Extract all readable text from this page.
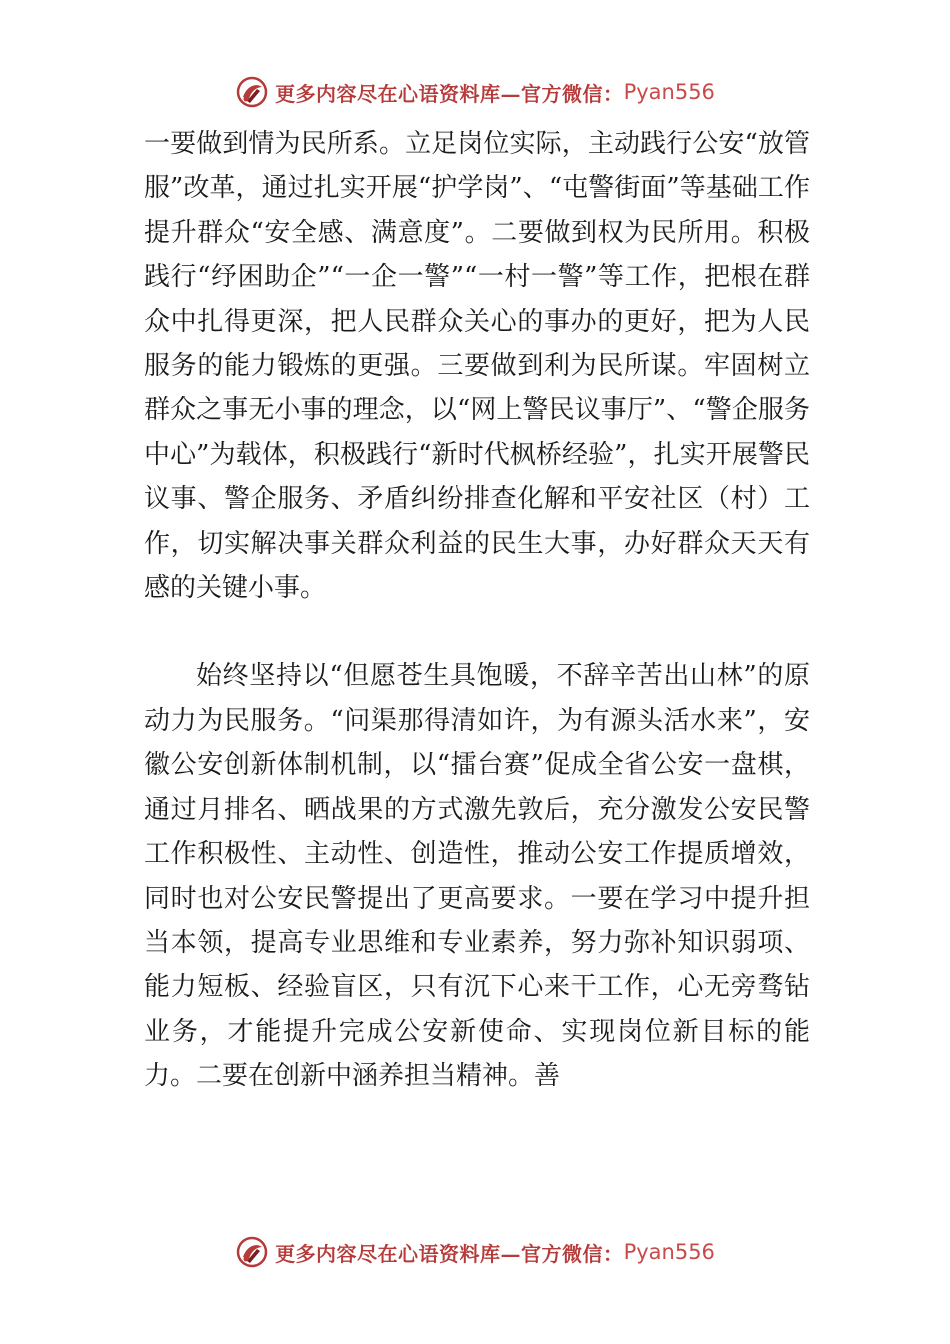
更多内容尽在心语资料库—官方微信： Pyan556

一要做到情为民所系。立足岗位实际，主动践行公安“放管服”改革，通过扎实开展“护学岗”、“屯警街面”等基础工作提升群众“安全感、满意度”。二要做到权为民所用。积极践行“纾困助企”“一企一警”“一村一警”等工作，把根在群众中扎得更深，把人民群众关心的事办的更好，把为人民服务的能力锻炼的更强。三要做到利为民所谋。牢固树立群众之事无小事的理念，以“网上警民议事厅”、“警企服务中心”为载体，积极践行“新时代枫桥经验”，扎实开展警民议事、警企服务、矛盾纠纷排查化解和平安社区（村）工作，切实解决事关群众利益的民生大事，办好群众天天有感的关键小事。

始终坚持以“但愿苍生具饱暖，不辞辛苦出山林”的原动力为民服务。“问渠那得清如许，为有源头活水来”，安徽公安创新体制机制，以“擂台赛”促成全省公安一盘棋，通过月排名、晒战果的方式激先敦后，充分激发公安民警工作积极性、主动性、创造性，推动公安工作提质增效，同时也对公安民警提出了更高要求。一要在学习中提升担当本领，提高专业思维和专业素养，努力弥补知识弱项、能力短板、经验盲区，只有沉下心来干工作，心无旁骛钻业务，才能提升完成公安新使命、实现岗位新目标的能力。二要在创新中涵养担当精神。善

更多内容尽在心语资料库—官方微信： Pyan556
